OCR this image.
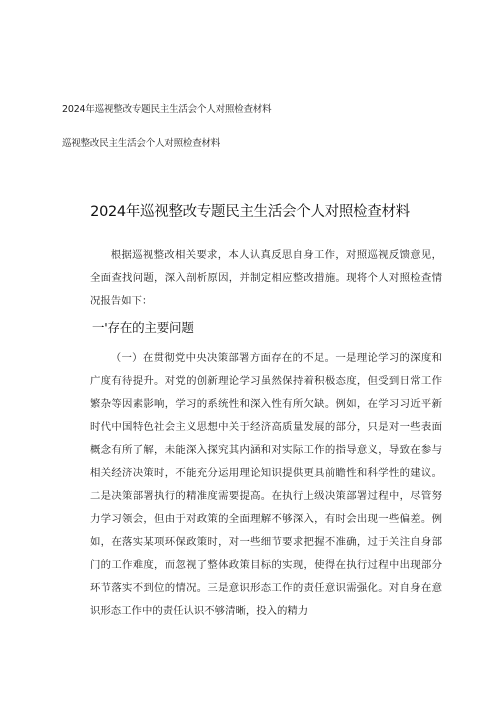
2024年巡视整改专题民主生活会个人对照检查材料
巡视整改民主生活会个人对照检查材料
2024年巡视整改专题民主生活会个人对照检查材料
根据巡视整改相关要求，本人认真反思自身工作，对照巡视反馈意见，全面查找问题，深入剖析原因，并制定相应整改措施。现将个人对照检查情况报告如下：
一'存在的主要问题
（一）在贯彻党中央决策部署方面存在的不足。一是理论学习的深度和广度有待提升。对党的创新理论学习虽然保持着积极态度，但受到日常工作繁杂等因素影响，学习的系统性和深入性有所欠缺。例如，在学习习近平新时代中国特色社会主义思想中关于经济高质量发展的部分，只是对一些表面概念有所了解，未能深入探究其内涵和对实际工作的指导意义，导致在参与相关经济决策时，不能充分运用理论知识提供更具前瞻性和科学性的建议。二是决策部署执行的精准度需要提高。在执行上级决策部署过程中，尽管努力学习领会，但由于对政策的全面理解不够深入，有时会出现一些偏差。例如，在落实某项环保政策时，对一些细节要求把握不准确，过于关注自身部门的工作难度，而忽视了整体政策目标的实现，使得在执行过程中出现部分环节落实不到位的情况。三是意识形态工作的责任意识需强化。对自身在意识形态工作中的责任认识不够清晰，投入的精力
